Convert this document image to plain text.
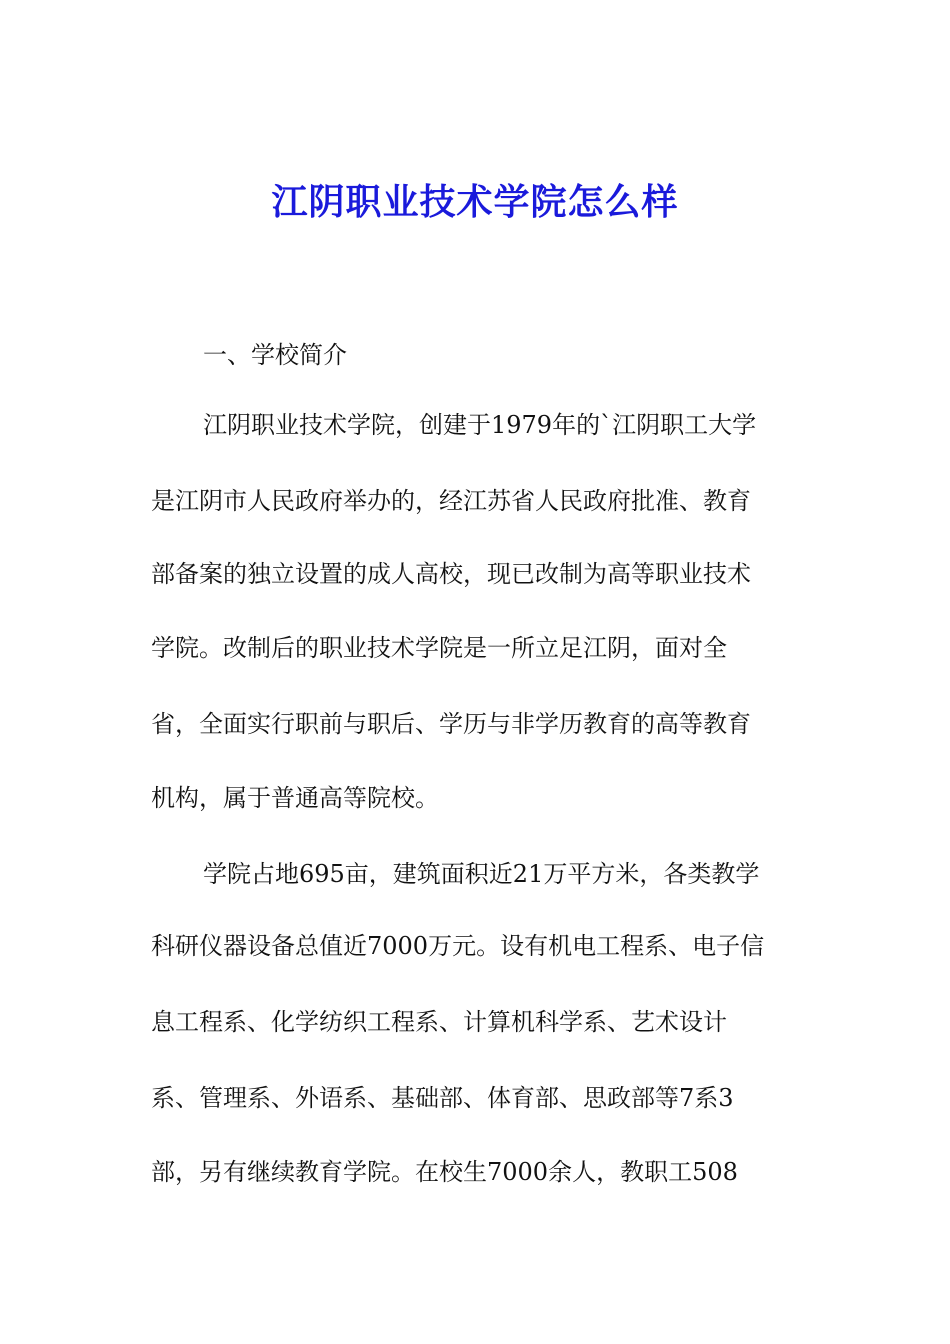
江阴职业技术学院怎么样
一、学校简介
江阴职业技术学院，创建于1979年的`江阴职工大学
是江阴市人民政府举办的，经江苏省人民政府批准、教育
部备案的独立设置的成人高校，现已改制为高等职业技术
学院。改制后的职业技术学院是一所立足江阴，面对全
省，全面实行职前与职后、学历与非学历教育的高等教育
机构，属于普通高等院校。
学院占地695亩，建筑面积近21万平方米，各类教学
科研仪器设备总值近7000万元。设有机电工程系、电子信
息工程系、化学纺织工程系、计算机科学系、艺术设计
系、管理系、外语系、基础部、体育部、思政部等7系3
部，另有继续教育学院。在校生7000余人，教职工508
